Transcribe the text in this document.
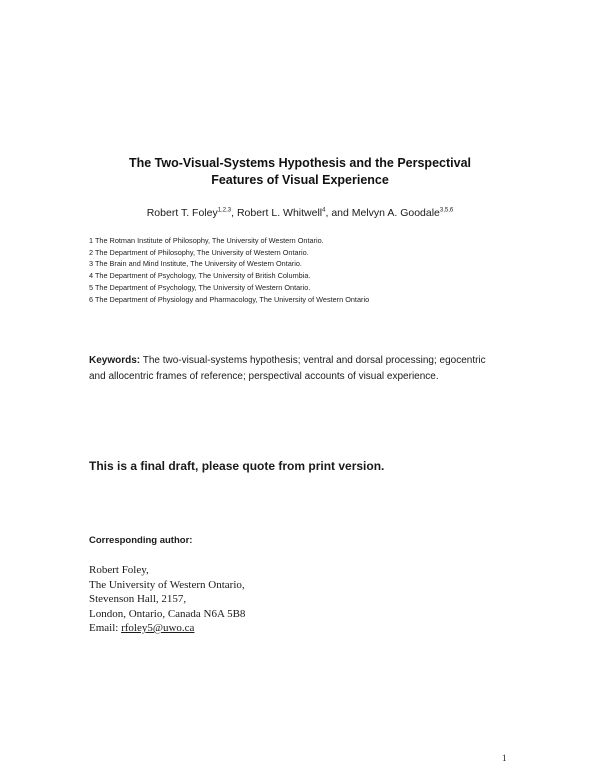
The Two-Visual-Systems Hypothesis and the Perspectival
Features of Visual Experience
Robert T. Foley$^{1,2,3}$, Robert L. Whitwell$^4$, and Melvyn A. Goodale$^{3,5,6}$
1 The Rotman Institute of Philosophy, The University of Western Ontario.
2 The Department of Philosophy, The University of Western Ontario.
3 The Brain and Mind Institute, The University of Western Ontario.
4 The Department of Psychology, The University of British Columbia.
5 The Department of Psychology, The University of Western Ontario.
6 The Department of Physiology and Pharmacology, The University of Western Ontario
Keywords: The two-visual-systems hypothesis; ventral and dorsal processing; egocentric and allocentric frames of reference; perspectival accounts of visual experience.
This is a final draft, please quote from print version.
Corresponding author:
Robert Foley,
The University of Western Ontario,
Stevenson Hall, 2157,
London, Ontario, Canada N6A 5B8
Email: rfoley5@uwo.ca
1
